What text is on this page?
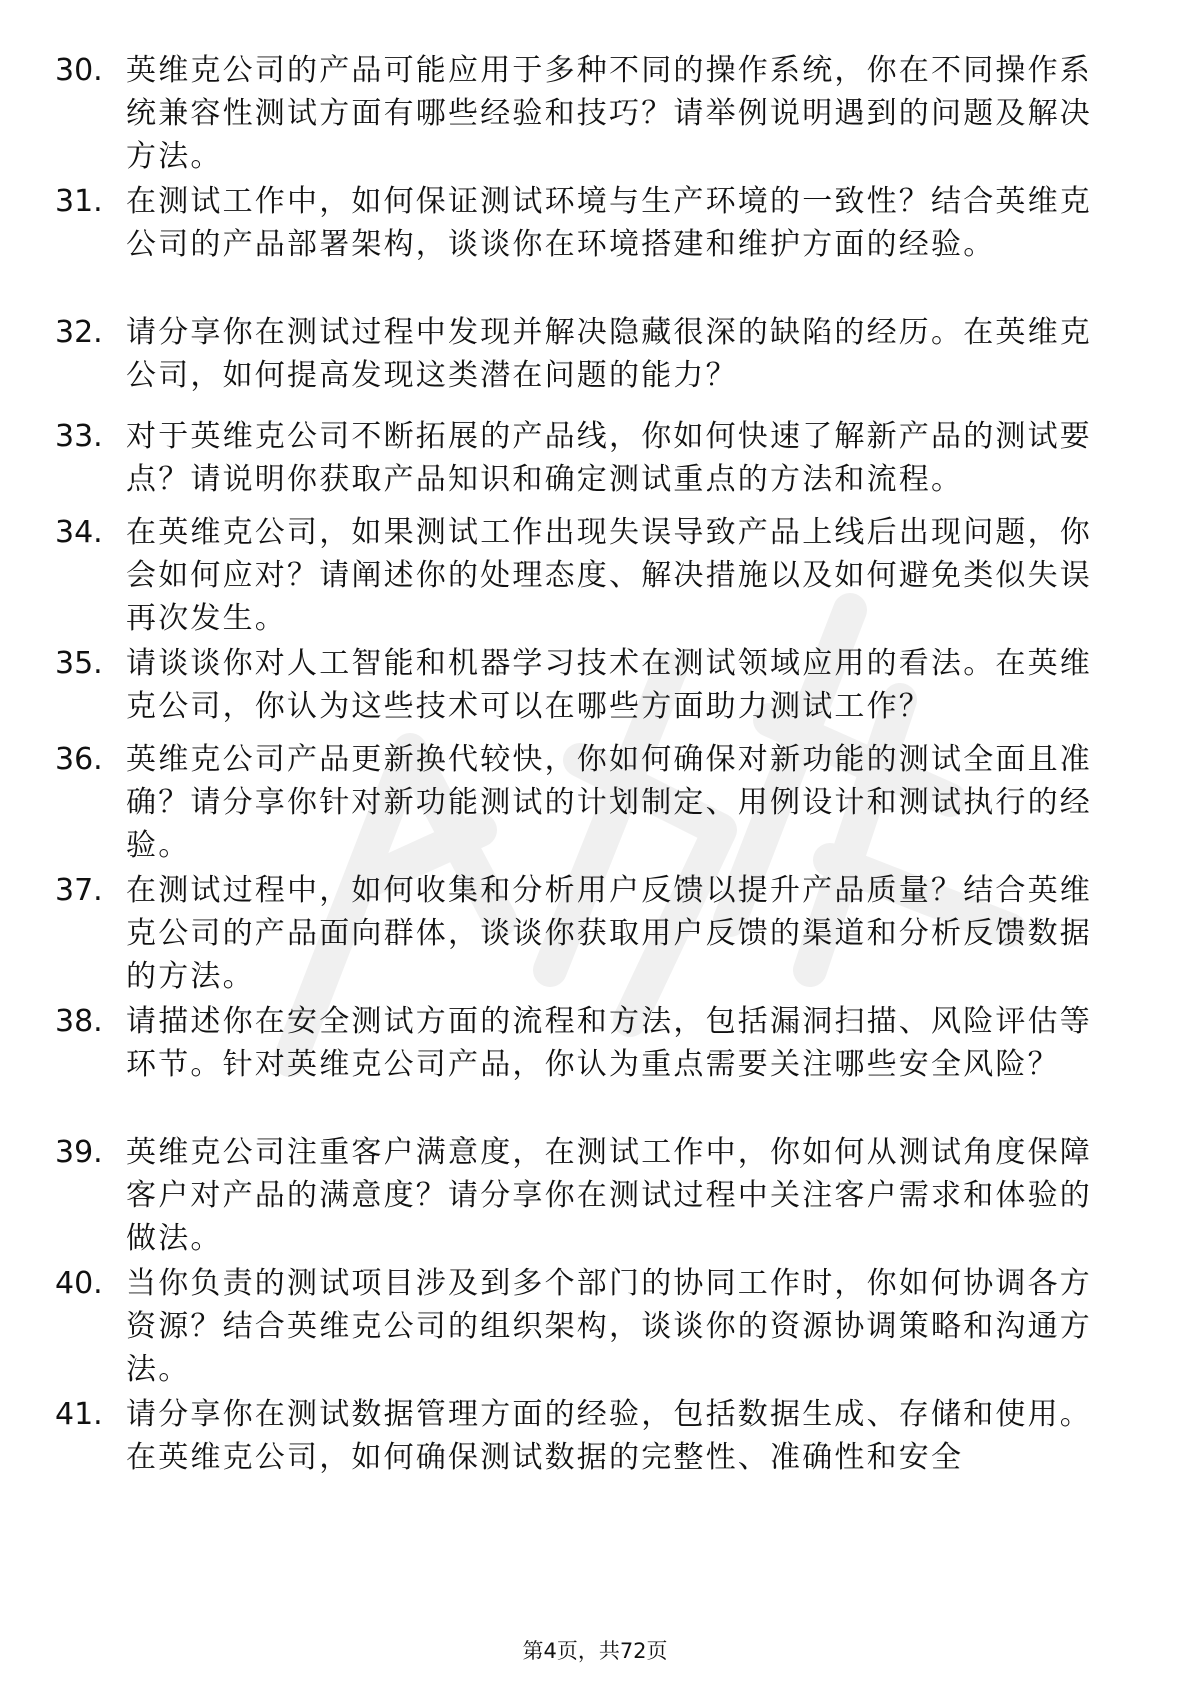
30. 英维克公司的产品可能应用于多种不同的操作系统，你在不同操作系统兼容性测试方面有哪些经验和技巧？请举例说明遇到的问题及解决方法。
31. 在测试工作中，如何保证测试环境与生产环境的一致性？结合英维克公司的产品部署架构，谈谈你在环境搭建和维护方面的经验。
32. 请分享你在测试过程中发现并解决隐藏很深的缺陷的经历。在英维克公司，如何提高发现这类潜在问题的能力？
33. 对于英维克公司不断拓展的产品线，你如何快速了解新产品的测试要点？请说明你获取产品知识和确定测试重点的方法和流程。
34. 在英维克公司，如果测试工作出现失误导致产品上线后出现问题，你会如何应对？请阐述你的处理态度、解决措施以及如何避免类似失误再次发生。
35. 请谈谈你对人工智能和机器学习技术在测试领域应用的看法。在英维克公司，你认为这些技术可以在哪些方面助力测试工作？
36. 英维克公司产品更新换代较快，你如何确保对新功能的测试全面且准确？请分享你针对新功能测试的计划制定、用例设计和测试执行的经验。
37. 在测试过程中，如何收集和分析用户反馈以提升产品质量？结合英维克公司的产品面向群体，谈谈你获取用户反馈的渠道和分析反馈数据的方法。
38. 请描述你在安全测试方面的流程和方法，包括漏洞扫描、风险评估等环节。针对英维克公司产品，你认为重点需要关注哪些安全风险？
39. 英维克公司注重客户满意度，在测试工作中，你如何从测试角度保障客户对产品的满意度？请分享你在测试过程中关注客户需求和体验的做法。
40. 当你负责的测试项目涉及到多个部门的协同工作时，你如何协调各方资源？结合英维克公司的组织架构，谈谈你的资源协调策略和沟通方法。
41. 请分享你在测试数据管理方面的经验，包括数据生成、存储和使用。在英维克公司，如何确保测试数据的完整性、准确性和安全
第4页，共72页
